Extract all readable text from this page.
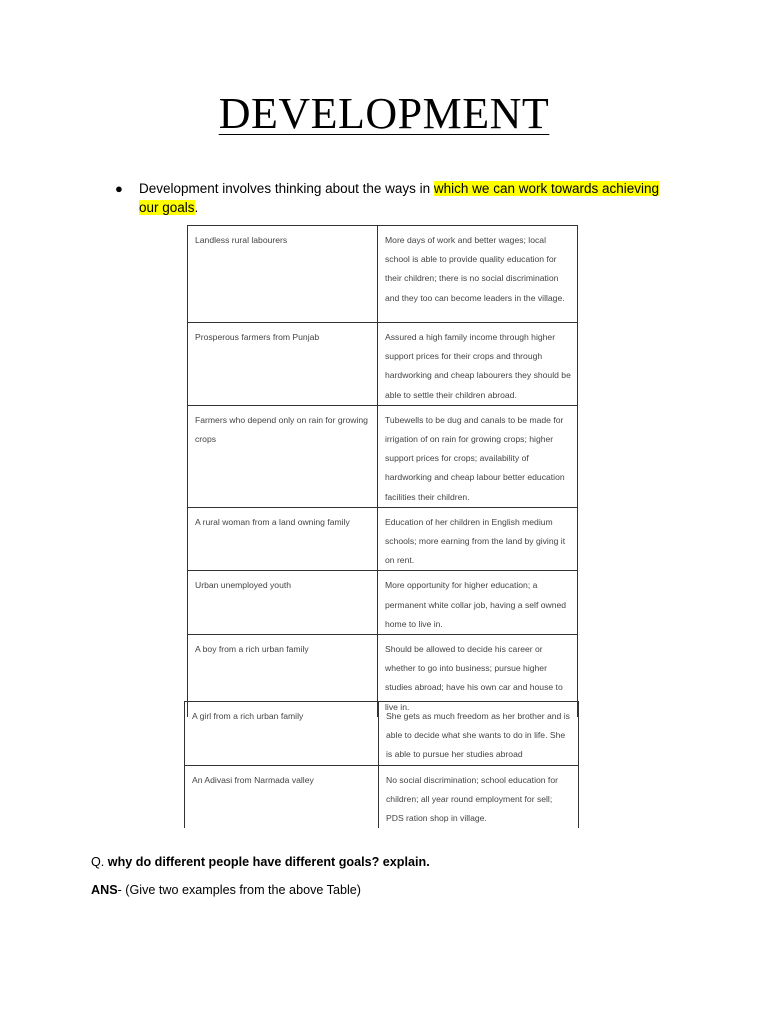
DEVELOPMENT
● Development involves thinking about the ways in which we can work towards achieving our goals.
Landless rural labourers	More days of work and better wages; local school is able to provide quality education for their children; there is no social discrimination and they too can become leaders in the village.
Prosperous farmers from Punjab	Assured a high family income through higher support prices for their crops and through hardworking and cheap labourers they should be able to settle their children abroad.
Farmers who depend only on rain for growing crops	Tubewells to be dug and canals to be made for irrigation of on rain for growing crops; higher support prices for crops; availability of hardworking and cheap labour better education facilities their children.
A rural woman from a land owning family	Education of her children in English medium schools; more earning from the land by giving it on rent.
Urban unemployed youth	More opportunity for higher education; a permanent white collar job, having a self owned home to live in.
A boy from a rich urban family	Should be allowed to decide his career or whether to go into business; pursue higher studies abroad; have his own car and house to live in.
A girl from a rich urban family	She gets as much freedom as her brother and is able to decide what she wants to do in life. She is able to pursue her studies abroad
An Adivasi from Narmada valley	No social discrimination; school education for children; all year round employment for sell; PDS ration shop in village.
Q. why do different people have different goals? explain.
ANS- (Give two examples from the above Table)
